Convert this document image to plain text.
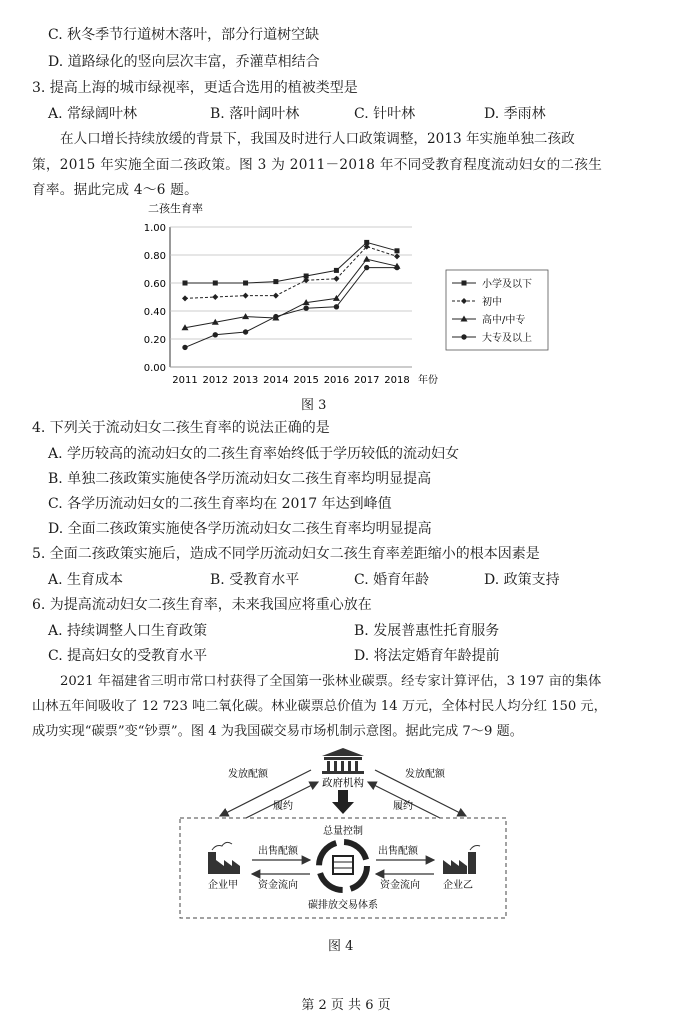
C. 秋冬季节行道树木落叶，部分行道树空缺
D. 道路绿化的竖向层次丰富，乔灌草相结合
3. 提高上海的城市绿视率，更适合选用的植被类型是
A. 常绿阔叶林	B. 落叶阔叶林	C. 针叶林	D. 季雨林
在人口增长持续放缓的背景下，我国及时进行人口政策调整，2013 年实施单独二孩政
策，2015 年实施全面二孩政策。图 3 为 2011－2018 年不同受教育程度流动妇女的二孩生
育率。据此完成 4～6 题。
二孩生育率
0.00
0.20
0.40
0.60
0.80
1.00
2011 2012 2013 2014 2015 2016 2017 2018 年份
小学及以下
初中
高中/中专
大专及以上
图 3
4. 下列关于流动妇女二孩生育率的说法正确的是
A. 学历较高的流动妇女的二孩生育率始终低于学历较低的流动妇女
B. 单独二孩政策实施使各学历流动妇女二孩生育率均明显提高
C. 各学历流动妇女的二孩生育率均在 2017 年达到峰值
D. 全面二孩政策实施使各学历流动妇女二孩生育率均明显提高
5. 全面二孩政策实施后，造成不同学历流动妇女二孩生育率差距缩小的根本因素是
A. 生育成本	B. 受教育水平	C. 婚育年龄	D. 政策支持
6. 为提高流动妇女二孩生育率，未来我国应将重心放在
A. 持续调整人口生育政策	B. 发展普惠性托育服务
C. 提高妇女的受教育水平	D. 将法定婚育年龄提前
2021 年福建省三明市常口村获得了全国第一张林业碳票。经专家计算评估，3 197 亩的集体
山林五年间吸收了 12 723 吨二氧化碳。林业碳票总价值为 14 万元，全体村民人均分红 150 元，
成功实现“碳票”变“钞票”。图 4 为我国碳交易市场机制示意图。据此完成 7～9 题。
政府机构
发放配额	发放配额
履约	履约
总量控制
企业甲	企业乙
出售配额
资金流向
出售配额
资金流向
碳排放交易体系
图 4
第 2 页 共 6 页
